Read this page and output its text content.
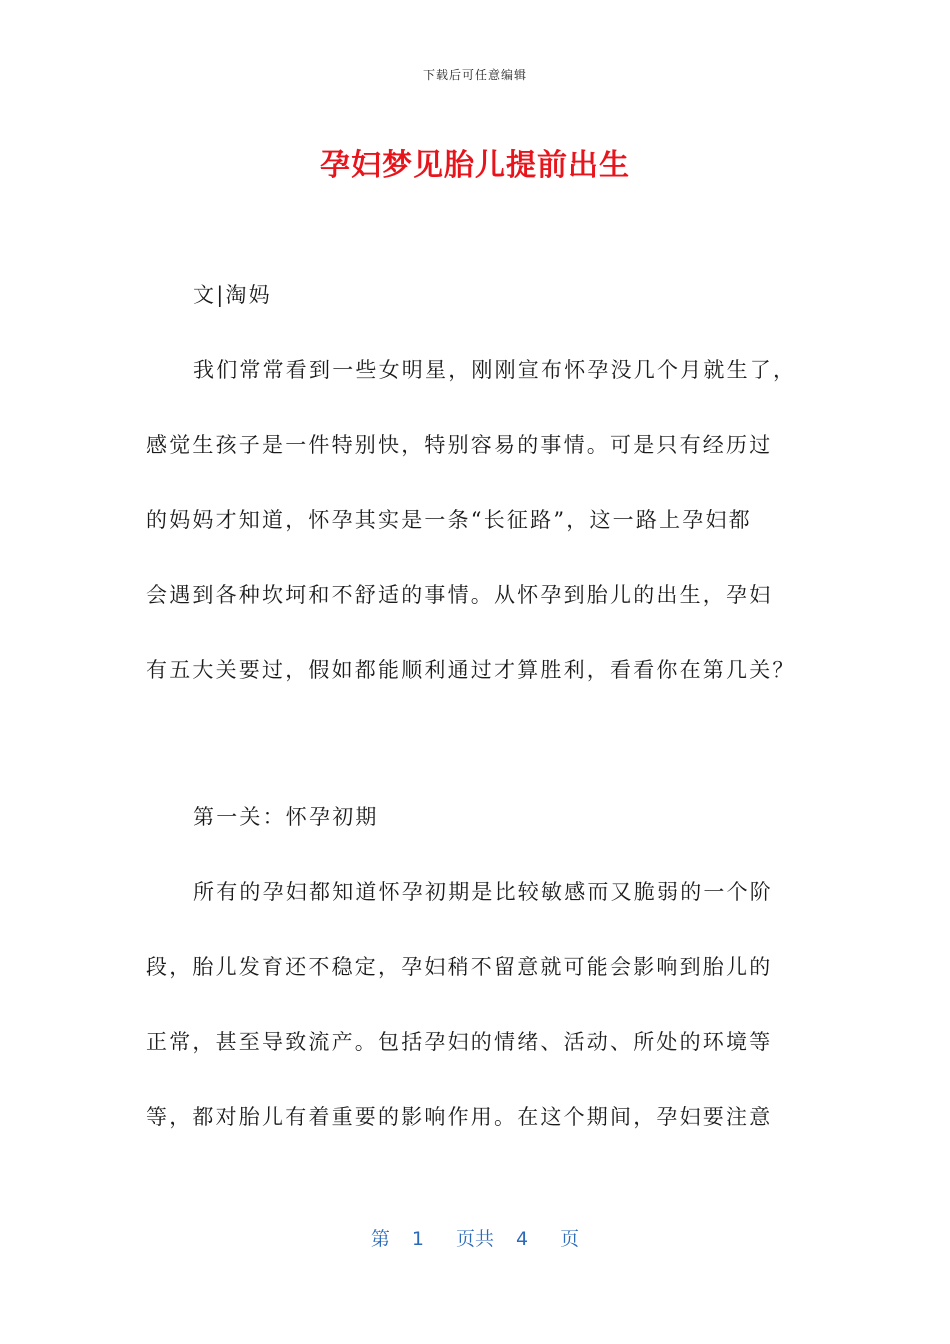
下载后可任意编辑
孕妇梦见胎儿提前出生
文|淘妈
我们常常看到一些女明星，刚刚宣布怀孕没几个月就生了，
感觉生孩子是一件特别快，特别容易的事情。可是只有经历过
的妈妈才知道，怀孕其实是一条“长征路”，这一路上孕妇都
会遇到各种坎坷和不舒适的事情。从怀孕到胎儿的出生，孕妇
有五大关要过，假如都能顺利通过才算胜利，看看你在第几关？
第一关：怀孕初期
所有的孕妇都知道怀孕初期是比较敏感而又脆弱的一个阶
段，胎儿发育还不稳定，孕妇稍不留意就可能会影响到胎儿的
正常，甚至导致流产。包括孕妇的情绪、活动、所处的环境等
等，都对胎儿有着重要的影响作用。在这个期间，孕妇要注意
第 1 页共 4 页
